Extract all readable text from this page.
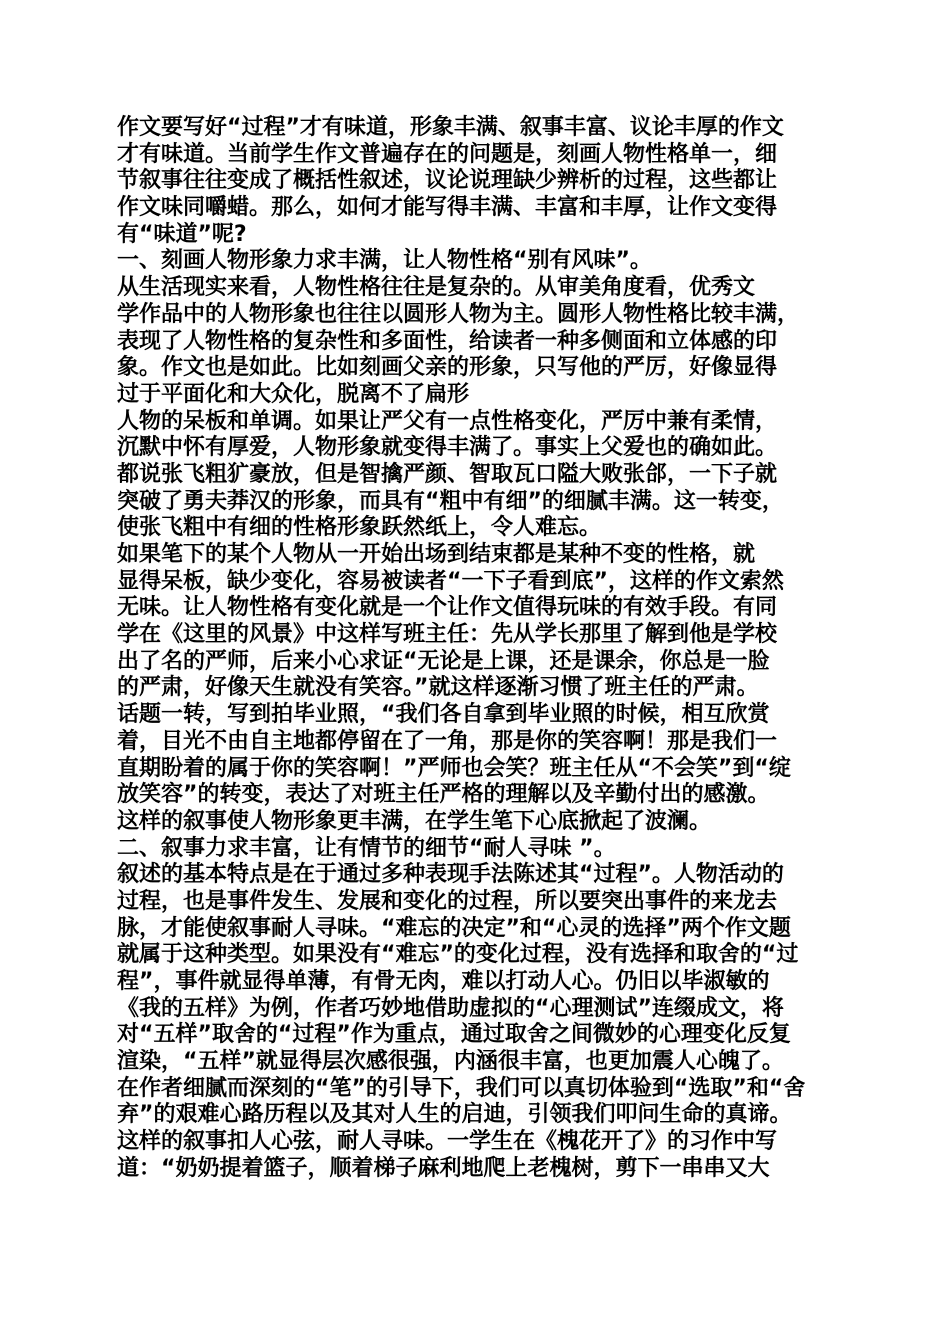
作文要写好“过程”才有味道，形象丰满、叙事丰富、议论丰厚的作文
才有味道。当前学生作文普遍存在的问题是，刻画人物性格单一，细
节叙事往往变成了概括性叙述，议论说理缺少辨析的过程，这些都让
作文味同嚼蜡。那么，如何才能写得丰满、丰富和丰厚，让作文变得
有“味道”呢?
一、刻画人物形象力求丰满，让人物性格“别有风味”。
从生活现实来看，人物性格往往是复杂的。从审美角度看，优秀文
学作品中的人物形象也往往以圆形人物为主。圆形人物性格比较丰满，
表现了人物性格的复杂性和多面性，给读者一种多侧面和立体感的印
象。作文也是如此。比如刻画父亲的形象，只写他的严厉，好像显得
过于平面化和大众化，脱离不了扁形
人物的呆板和单调。如果让严父有一点性格变化，严厉中兼有柔情，
沉默中怀有厚爱，人物形象就变得丰满了。事实上父爱也的确如此。
都说张飞粗犷豪放，但是智擒严颜、智取瓦口隘大败张郃，一下子就
突破了勇夫莽汉的形象，而具有“粗中有细”的细腻丰满。这一转变，
使张飞粗中有细的性格形象跃然纸上，令人难忘。
如果笔下的某个人物从一开始出场到结束都是某种不变的性格，就
显得呆板，缺少变化，容易被读者“一下子看到底”，这样的作文索然
无味。让人物性格有变化就是一个让作文值得玩味的有效手段。有同
学在《这里的风景》中这样写班主任：先从学长那里了解到他是学校
出了名的严师，后来小心求证“无论是上课，还是课余，你总是一脸
的严肃，好像天生就没有笑容。”就这样逐渐习惯了班主任的严肃。
话题一转，写到拍毕业照，“我们各自拿到毕业照的时候，相互欣赏
着，目光不由自主地都停留在了一角，那是你的笑容啊！那是我们一
直期盼着的属于你的笑容啊！”严师也会笑？班主任从“不会笑”到“绽
放笑容”的转变，表达了对班主任严格的理解以及辛勤付出的感激。
这样的叙事使人物形象更丰满，在学生笔下心底掀起了波澜。
二、叙事力求丰富，让有情节的细节“耐人寻味 ”。
叙述的基本特点是在于通过多种表现手法陈述其“过程”。人物活动的
过程，也是事件发生、发展和变化的过程，所以要突出事件的来龙去
脉，才能使叙事耐人寻味。“难忘的决定”和“心灵的选择”两个作文题
就属于这种类型。如果没有“难忘”的变化过程，没有选择和取舍的“过
程”，事件就显得单薄，有骨无肉，难以打动人心。仍旧以毕淑敏的
《我的五样》为例，作者巧妙地借助虚拟的“心理测试”连缀成文，将
对“五样”取舍的“过程”作为重点，通过取舍之间微妙的心理变化反复
渲染，“五样”就显得层次感很强，内涵很丰富，也更加震人心魄了。
在作者细腻而深刻的“笔”的引导下，我们可以真切体验到“选取”和“舍
弃”的艰难心路历程以及其对人生的启迪，引领我们叩问生命的真谛。
这样的叙事扣人心弦，耐人寻味。一学生在《槐花开了》的习作中写
道：“奶奶提着篮子，顺着梯子麻利地爬上老槐树，剪下一串串又大
